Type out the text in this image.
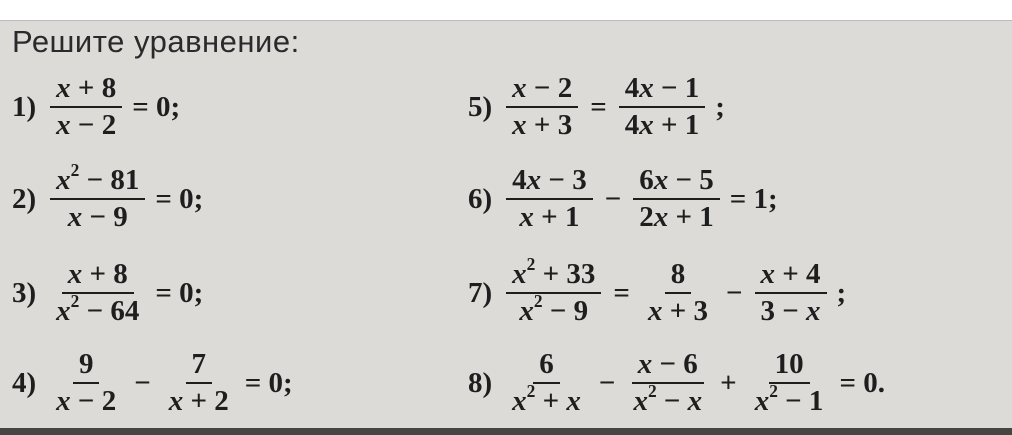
Решите уравнение:
$1) \frac{x + 8}{x - 2} = 0$;
$2) \frac{x^2 - 81}{x - 9} = 0$;
$3) \frac{x + 8}{x^2 - 64} = 0$;
$4) \frac{9}{x - 2} - \frac{7}{x + 2} = 0$;
$5) \frac{x - 2}{x + 3} = \frac{4x - 1}{4x + 1}$ ;
$6) \frac{4x - 3}{x + 1} - \frac{6x - 5}{2x + 1} = 1$;
$7) \frac{x^2 + 33}{x^2 - 9} = \frac{8}{x + 3} - \frac{x + 4}{3 - x}$ ;
$8) \frac{6}{x^2 + x} - \frac{x - 6}{x^2 - x} + \frac{10}{x^2 - 1} = 0$.
